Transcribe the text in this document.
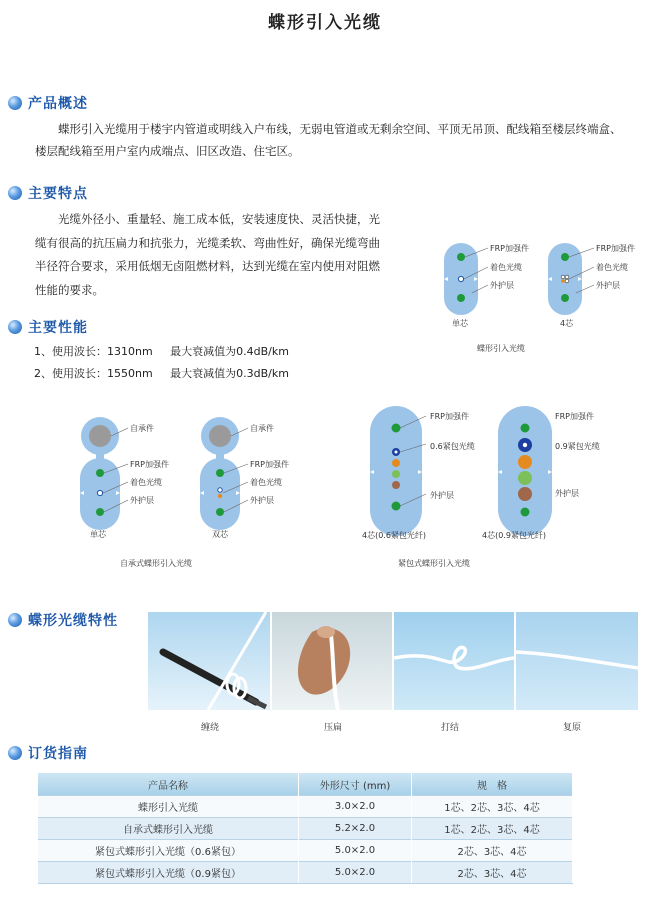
蝶形引入光缆
产品概述
蝶形引入光缆用于楼宇内管道或明线入户布线，无弱电管道或无剩余空间、平顶无吊顶、配线箱至楼层终端盒、楼层配线箱至用户室内成端点、旧区改造、住宅区。
主要特点
光缆外径小、重量轻、施工成本低，安装速度快、灵活快捷，光缆有很高的抗压扁力和抗张力，光缆柔软、弯曲性好，确保光缆弯曲半径符合要求，采用低烟无卤阻燃材料，达到光缆在室内使用对阻燃性能的要求。
主要性能
1、使用波长：1310nm     最大衰减值为0.4dB/km
2、使用波长：1550nm     最大衰减值为0.3dB/km
FRP加强件
着色光缆
外护层
FRP加强件
着色光缆
外护层
单芯	4芯
蝶形引入光缆
自承件
FRP加强件
着色光缆
外护层
自承件
FRP加强件
着色光缆
外护层
单芯	双芯
自承式蝶形引入光缆
FRP加强件
0.6紧包光缆
外护层
FRP加强件
0.9紧包光缆
外护层
4芯(0.6紧包光纤)	4芯(0.9紧包光纤)
紧包式蝶形引入光缆
蝶形光缆特性
缠绕	压扁	打结	复原
订货指南
产品名称	外形尺寸 (mm)	规　格
蝶形引入光缆	3.0×2.0	1芯、2芯、3芯、4芯
自承式蝶形引入光缆	5.2×2.0	1芯、2芯、3芯、4芯
紧包式蝶形引入光缆（0.6紧包）	5.0×2.0	2芯、3芯、4芯
紧包式蝶形引入光缆（0.9紧包）	5.0×2.0	2芯、3芯、4芯
